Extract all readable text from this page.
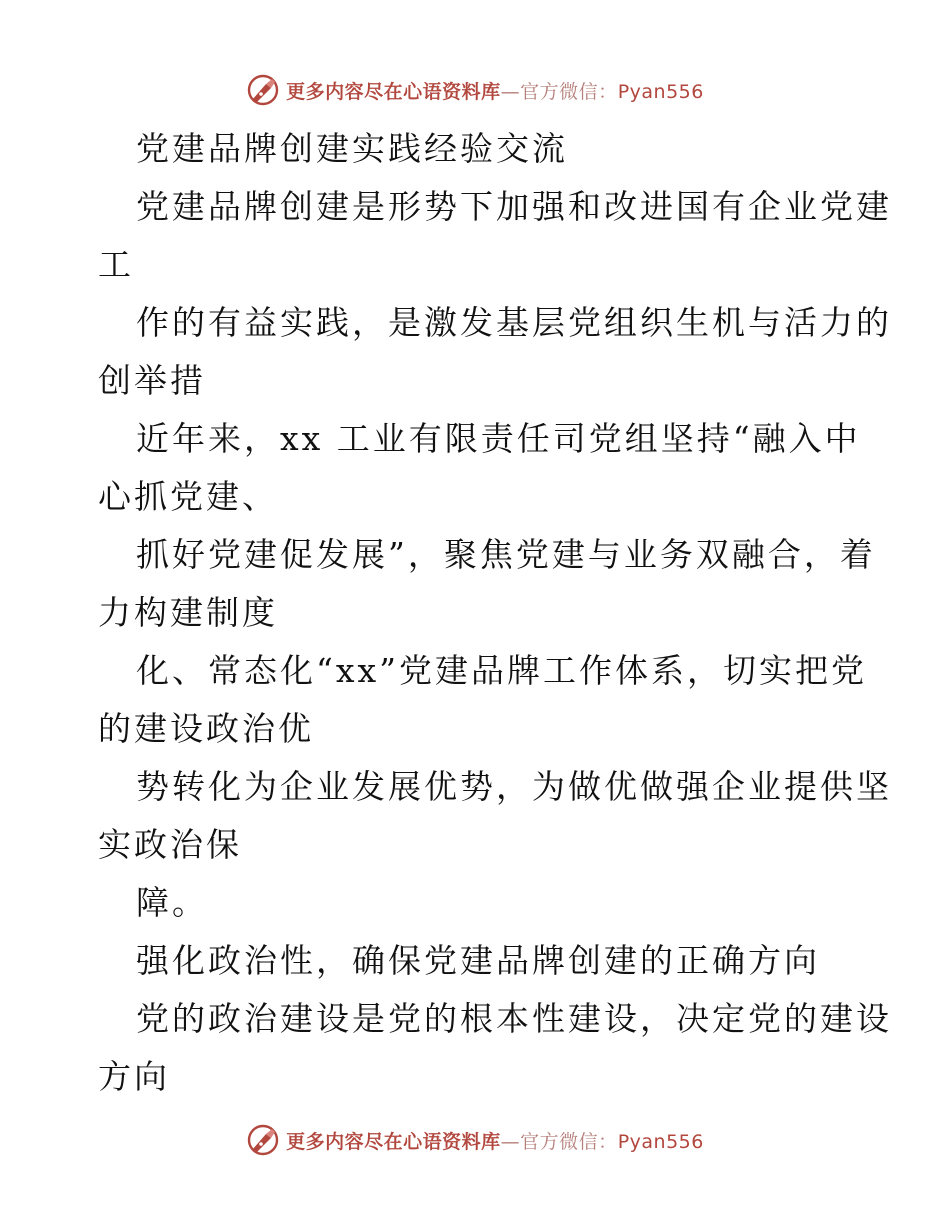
更多内容尽在心语资料库—官方微信：Pyan556
党建品牌创建实践经验交流
党建品牌创建是形势下加强和改进国有企业党建
工
作的有益实践，是激发基层党组织生机与活力的
创举措
近年来，xx 工业有限责任司党组坚持“融入中
心抓党建、
抓好党建促发展”，聚焦党建与业务双融合，着
力构建制度
化、常态化“xx”党建品牌工作体系，切实把党
的建设政治优
势转化为企业发展优势，为做优做强企业提供坚
实政治保
障。
强化政治性，确保党建品牌创建的正确方向
党的政治建设是党的根本性建设，决定党的建设
方向
更多内容尽在心语资料库—官方微信：Pyan556
